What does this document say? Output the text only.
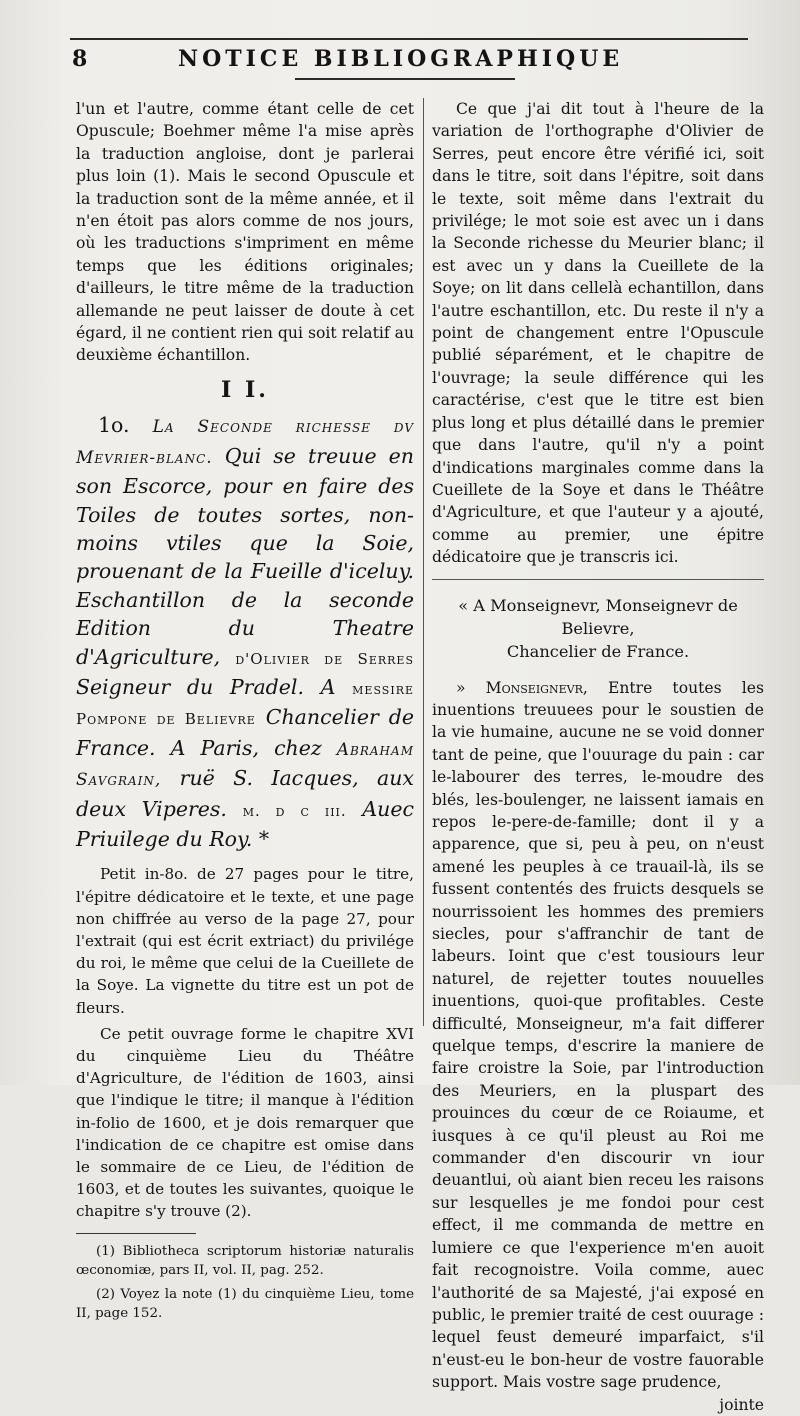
8	NOTICE BIBLIOGRAPHIQUE

l'un et l'autre, comme étant celle de cet Opuscule; Boehmer même l'a mise après la traduction angloise, dont je parlerai plus loin (1). Mais le second Opuscule et la traduction sont de la même année, et il n'en étoit pas alors comme de nos jours, où les traductions s'impriment en même temps que les éditions originales; d'ailleurs, le titre même de la traduction allemande ne peut laisser de doute à cet égard, il ne contient rien qui soit relatif au deuxième échantillon.

I I.

1o. La Seconde richesse dv Mevrier-blanc. Qui se treuue en son Escorce, pour en faire des Toiles de toutes sortes, non-moins vtiles que la Soie, prouenant de la Fueille d'iceluy. Eschantillon de la seconde Edition du Theatre d'Agriculture, d'Olivier de Serres Seigneur du Pradel. A messire Pompone de Believre Chancelier de France. A Paris, chez Abraham Savgrain, ruë S. Iacques, aux deux Viperes. m. d c iii. Auec Priuilege du Roy. *

Petit in-8o. de 27 pages pour le titre, l'épitre dédicatoire et le texte, et une page non chiffrée au verso de la page 27, pour l'extrait (qui est écrit extriact) du privilége du roi, le même que celui de la Cueillete de la Soye. La vignette du titre est un pot de fleurs.

Ce petit ouvrage forme le chapitre XVI du cinquième Lieu du Théâtre d'Agriculture, de l'édition de 1603, ainsi que l'indique le titre; il manque à l'édition in-folio de 1600, et je dois remarquer que l'indication de ce chapitre est omise dans le sommaire de ce Lieu, de l'édition de 1603, et de toutes les suivantes, quoique le chapitre s'y trouve (2).

(1) Bibliotheca scriptorum historiæ naturalis œconomiæ, pars II, vol. II, pag. 252.

(2) Voyez la note (1) du cinquième Lieu, tome II, page 152.

Ce que j'ai dit tout à l'heure de la variation de l'orthographe d'Olivier de Serres, peut encore être vérifié ici, soit dans le titre, soit dans l'épitre, soit dans le texte, soit même dans l'extrait du privilége; le mot soie est avec un i dans la Seconde richesse du Meurier blanc; il est avec un y dans la Cueillete de la Soye; on lit dans cellelà echantillon, dans l'autre eschantillon, etc. Du reste il n'y a point de changement entre l'Opuscule publié séparément, et le chapitre de l'ouvrage; la seule différence qui les caractérise, c'est que le titre est bien plus long et plus détaillé dans le premier que dans l'autre, qu'il n'y a point d'indications marginales comme dans la Cueillete de la Soye et dans le Théâtre d'Agriculture, et que l'auteur y a ajouté, comme au premier, une épitre dédicatoire que je transcris ici.

« A Monseignevr, Monseignevr de Believre,
Chancelier de France.

» Monseignevr, Entre toutes les inuentions treuuees pour le soustien de la vie humaine, aucune ne se void donner tant de peine, que l'ouurage du pain : car le-labourer des terres, le-moudre des blés, les-boulenger, ne laissent iamais en repos le-pere-de-famille; dont il y a apparence, que si, peu à peu, on n'eust amené les peuples à ce trauail-là, ils se fussent contentés des fruicts desquels se nourrissoient les hommes des premiers siecles, pour s'affranchir de tant de labeurs. Ioint que c'est tousiours leur naturel, de rejetter toutes nouuelles inuentions, quoi-que profitables. Ceste difficulté, Monseigneur, m'a fait differer quelque temps, d'escrire la maniere de faire croistre la Soie, par l'introduction des Meuriers, en la pluspart des prouinces du cœur de ce Roiaume, et iusques à ce qu'il pleust au Roi me commander d'en discourir vn iour deuantlui, où aiant bien receu les raisons sur lesquelles je me fondoi pour cest effect, il me commanda de mettre en lumiere ce que l'experience m'en auoit fait recognoistre. Voila comme, auec l'authorité de sa Majesté, j'ai exposé en public, le premier traité de cest ouurage : lequel feust demeuré imparfaict, s'il n'eust-eu le bon-heur de vostre fauorable support. Mais vostre sage prudence,

jointe
